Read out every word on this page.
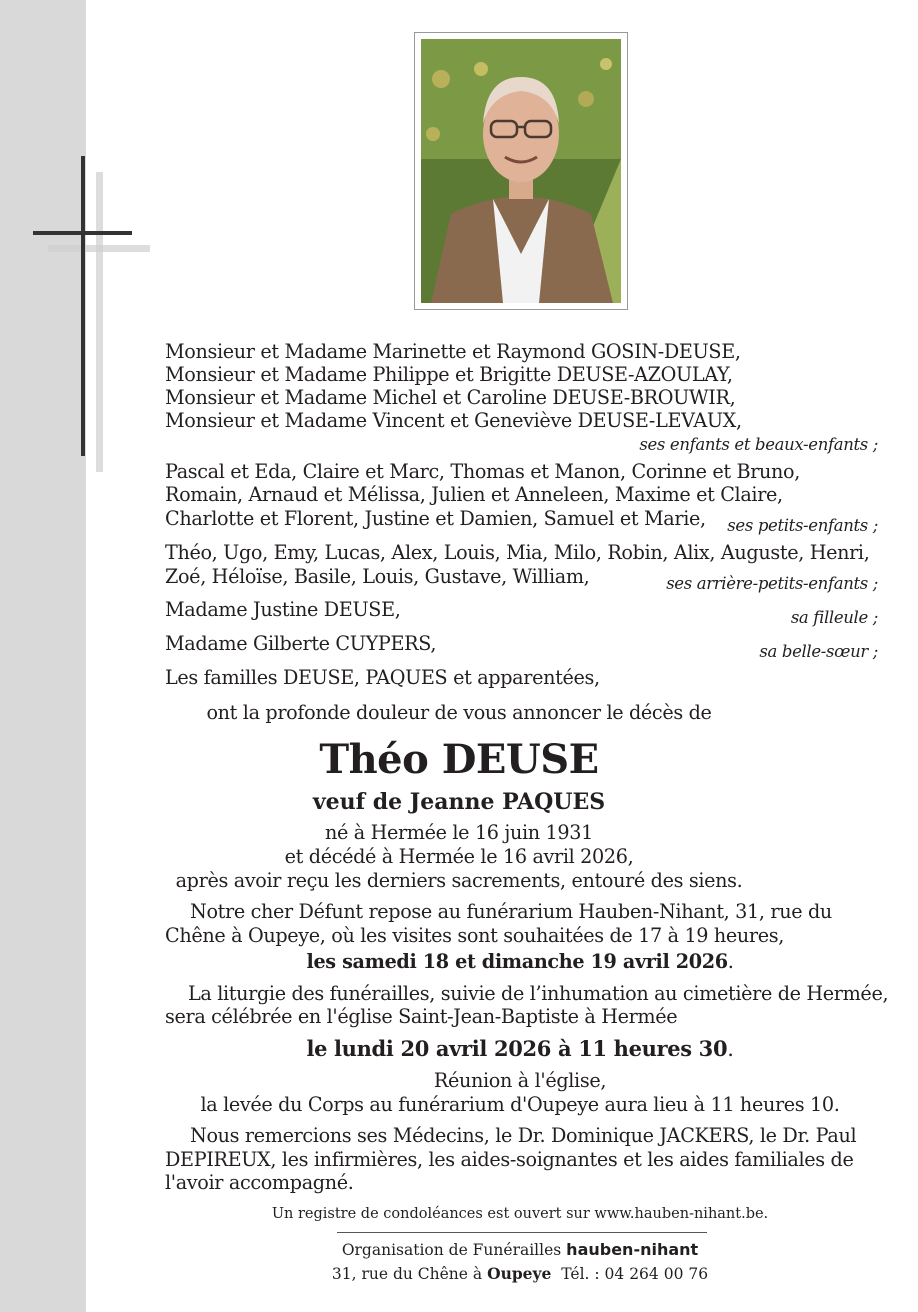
Monsieur et Madame Marinette et Raymond GOSIN-DEUSE,
Monsieur et Madame Philippe et Brigitte DEUSE-AZOULAY,
Monsieur et Madame Michel et Caroline DEUSE-BROUWIR,
Monsieur et Madame Vincent et Geneviève DEUSE-LEVAUX,
ses enfants et beaux-enfants ;
Pascal et Eda, Claire et Marc, Thomas et Manon, Corinne et Bruno,
Romain, Arnaud et Mélissa, Julien et Anneleen, Maxime et Claire,
Charlotte et Florent, Justine et Damien, Samuel et Marie, ses petits-enfants ;
Théo, Ugo, Emy, Lucas, Alex, Louis, Mia, Milo, Robin, Alix, Auguste, Henri,
Zoé, Héloïse, Basile, Louis, Gustave, William,	ses arrière-petits-enfants ;
Madame Justine DEUSE,	sa filleule ;
Madame Gilberte CUYPERS,	sa belle-sœur ;
Les familles DEUSE, PAQUES et apparentées,
ont la profonde douleur de vous annoncer le décès de
Théo DEUSE
veuf de Jeanne PAQUES
né à Hermée le 16 juin 1931
et décédé à Hermée le 16 avril 2026,
après avoir reçu les derniers sacrements, entouré des siens.
Notre cher Défunt repose au funérarium Hauben-Nihant, 31, rue du
Chêne à Oupeye, où les visites sont souhaitées de 17 à 19 heures,
les samedi 18 et dimanche 19 avril 2026.
La liturgie des funérailles, suivie de l’inhumation au cimetière de Hermée,
sera célébrée en l'église Saint-Jean-Baptiste à Hermée
le lundi 20 avril 2026 à 11 heures 30.
Réunion à l'église,
la levée du Corps au funérarium d'Oupeye aura lieu à 11 heures 10.
Nous remercions ses Médecins, le Dr. Dominique JACKERS, le Dr. Paul
DEPIREUX, les infirmières, les aides-soignantes et les aides familiales de
l'avoir accompagné.
Un registre de condoléances est ouvert sur www.hauben-nihant.be.
Organisation de Funérailles hauben-nihant
31, rue du Chêne à Oupeye Tél. : 04 264 00 76
